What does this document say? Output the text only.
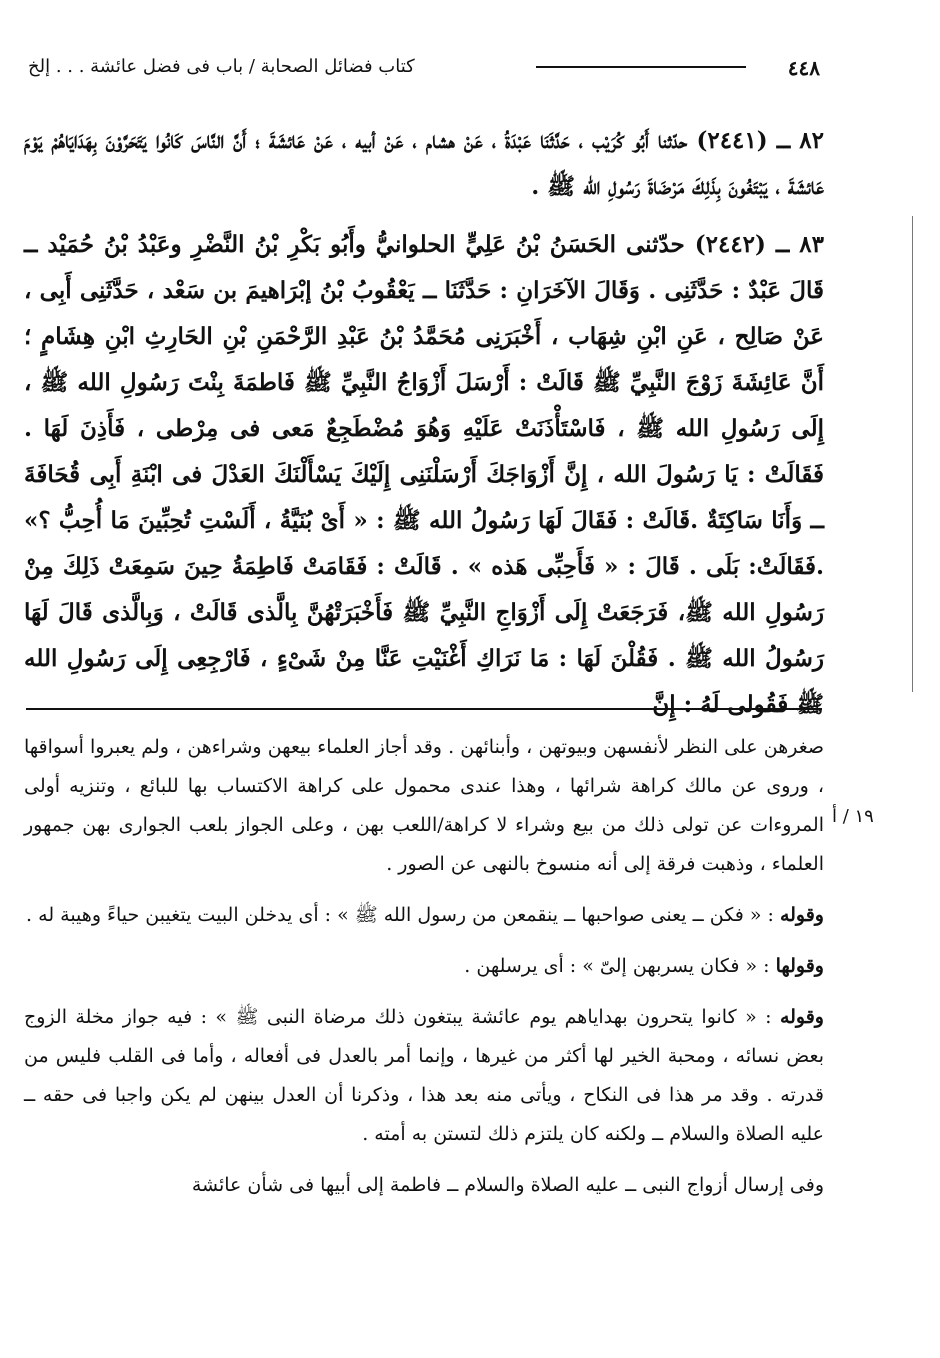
٤٤٨
كتاب فضائل الصحابة / باب فى فضل عائشة . . . إلخ

٨٢ ــ (٢٤٤١) حدّثنا أَبُو كُرَيْب ، حَدَّثَنَا عَبْدَةُ ، عَنْ هشام ، عَنْ أبيه ، عَنْ عَائشَةَ ؛ أَنَّ النَّاسَ كَانُوا يَتَحَرَّوْنَ بِهَدَايَاهُمْ يَوْمَ عَائشَةَ ، يَبْتَغُونَ بِذَلِكَ مَرْضَاةَ رَسُولِ الله ﷺ .

٨٣ ــ (٢٤٤٢) حدّثنى الحَسَنُ بْنُ عَلِيٍّ الحلوانيُّ وأَبُو بَكْرِ بْنُ النَّضْرِ وعَبْدُ بْنُ حُمَيْد ــ قَالَ عَبْدٌ : حَدَّثَنِى . وَقَالَ الآخَرَانِ : حَدَّثَنَا ــ يَعْقُوبُ بْنُ إبْرَاهيمَ بن سَعْد ، حَدَّثَنِى أَبِى ، عَنْ صَالِح ، عَنِ ابْنِ شِهَاب ، أَخْبَرَنِى مُحَمَّدُ بْنُ عَبْدِ الرَّحْمَنِ بْنِ الحَارِثِ ابْنِ هِشَامٍ ؛ أَنَّ عَائِشَةَ زَوْجَ النَّبِيِّ ﷺ قَالَتْ : أَرْسَلَ أَزْوَاجُ النَّبِيِّ ﷺ فَاطمَةَ بِنْتَ رَسُولِ الله ﷺ ، إِلَى رَسُولِ الله ﷺ ، فَاسْتَأْذَنَتْ عَلَيْهِ وَهُوَ مُضْطَجِعٌ مَعى فى مِرْطى ، فَأَذِنَ لَهَا . فَقَالَتْ : يَا رَسُولَ الله ، إِنَّ أَزْوَاجَكَ أَرْسَلْنَنِى إِلَيْكَ يَسْأَلْنَكَ العَدْلَ فى ابْنَةِ أَبِى قُحَافَةَ ــ وَأَنَا سَاكِتَةٌ .قَالَتْ : فَقَالَ لَهَا رَسُولُ الله ﷺ : « أَىْ بُنَيَّةُ ، أَلَسْتِ تُحِبِّينَ مَا أُحِبُّ ؟» .فَقَالَتْ: بَلَى . قَالَ : « فَأَحِبِّى هَذه » . قَالَتْ : فَقَامَتْ فَاطِمَةُ حِينَ سَمِعَتْ ذَلِكَ مِنْ رَسُولِ الله ﷺ، فَرَجَعَتْ إِلَى أَزْوَاجِ النَّبِيِّ ﷺ فَأَخْبَرَتْهُنَّ بِالَّذى قَالَتْ ، وَبِالَّذى قَالَ لَهَا رَسُولُ الله ﷺ . فَقُلْنَ لَهَا : مَا نَرَاكِ أَغْنَيْتِ عَنَّا مِنْ شَىْءٍ ، فَارْجِعِى إِلَى رَسُولِ الله ﷺ فَقُولى لَهُ : إِنَّ

١٩ / أ

صغرهن على النظر لأنفسهن وبيوتهن ، وأبنائهن . وقد أجاز العلماء بيعهن وشراءهن ، ولم يعبروا أسواقها ، وروى عن مالك كراهة شرائها ، وهذا عندى محمول على كراهة الاكتساب بها للبائع ، وتنزيه أولى المروءات عن تولى ذلك من بيع وشراء لا كراهة/اللعب بهن ، وعلى الجواز بلعب الجوارى بهن جمهور العلماء ، وذهبت فرقة إلى أنه منسوخ بالنهى عن الصور .

وقوله : « فكن ــ يعنى صواحبها ــ ينقمعن من رسول الله ﷺ » : أى يدخلن البيت يتغيبن حياءً وهيبة له .

وقولها : « فكان يسربهن إلىّ » : أى يرسلهن .

وقوله : « كانوا يتحرون بهداياهم يوم عائشة يبتغون ذلك مرضاة النبى ﷺ » : فيه جواز مخلة الزوج بعض نسائه ، ومحبة الخير لها أكثر من غيرها ، وإنما أمر بالعدل فى أفعاله ، وأما فى القلب فليس من قدرته . وقد مر هذا فى النكاح ، ويأتى منه بعد هذا ، وذكرنا أن العدل بينهن لم يكن واجبا فى حقه ــ عليه الصلاة والسلام ــ ولكنه كان يلتزم ذلك لتستن به أمته .

وفى إرسال أزواج النبى ــ عليه الصلاة والسلام ــ فاطمة إلى أبيها فى شأن عائشة
